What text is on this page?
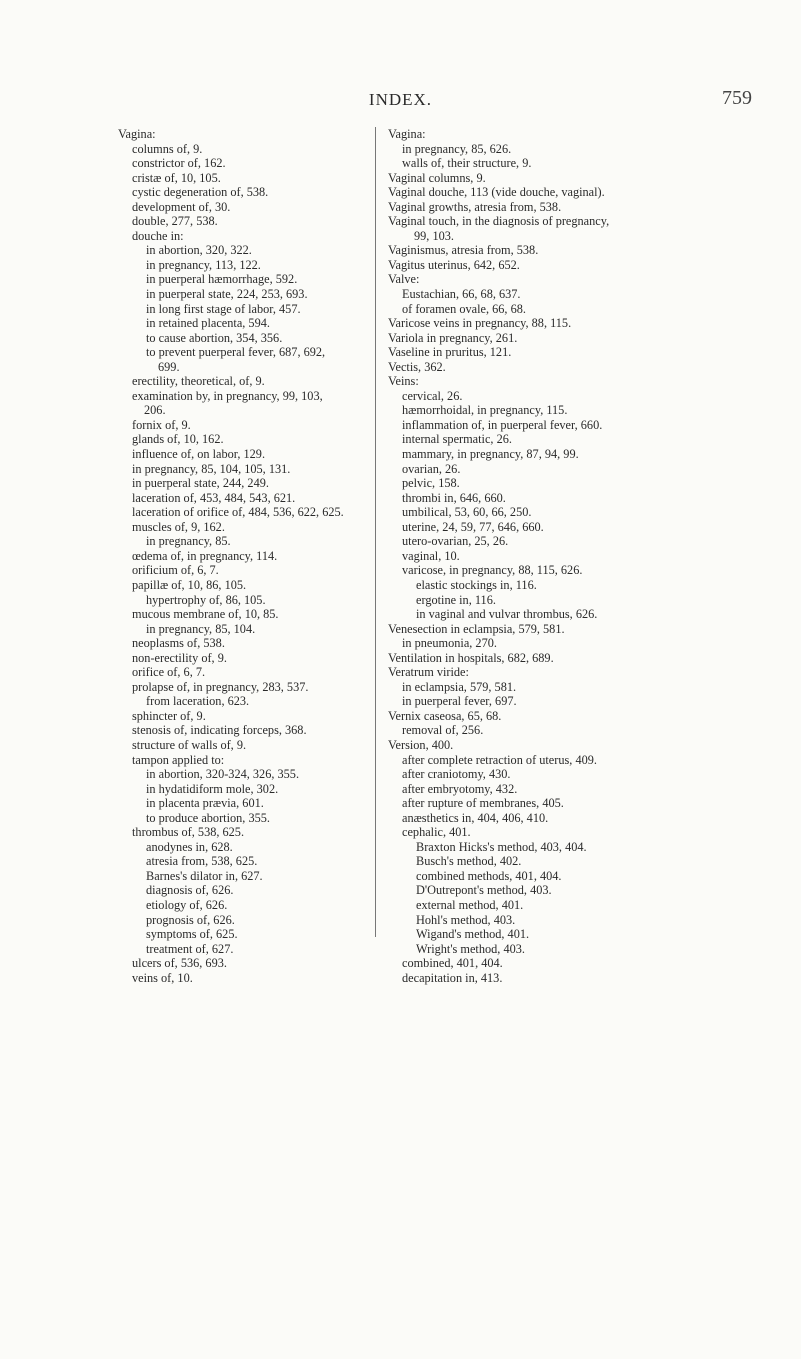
INDEX.	759
Vagina:
columns of, 9.
constrictor of, 162.
cristæ of, 10, 105.
cystic degeneration of, 538.
development of, 30.
double, 277, 538.
douche in:
in abortion, 320, 322.
in pregnancy, 113, 122.
in puerperal hæmorrhage, 592.
in puerperal state, 224, 253, 693.
in long first stage of labor, 457.
in retained placenta, 594.
to cause abortion, 354, 356.
to prevent puerperal fever, 687, 692,
699.
erectility, theoretical, of, 9.
examination by, in pregnancy, 99, 103,
206.
fornix of, 9.
glands of, 10, 162.
influence of, on labor, 129.
in pregnancy, 85, 104, 105, 131.
in puerperal state, 244, 249.
laceration of, 453, 484, 543, 621.
laceration of orifice of, 484, 536, 622, 625.
muscles of, 9, 162.
in pregnancy, 85.
œdema of, in pregnancy, 114.
orificium of, 6, 7.
papillæ of, 10, 86, 105.
hypertrophy of, 86, 105.
mucous membrane of, 10, 85.
in pregnancy, 85, 104.
neoplasms of, 538.
non-erectility of, 9.
orifice of, 6, 7.
prolapse of, in pregnancy, 283, 537.
from laceration, 623.
sphincter of, 9.
stenosis of, indicating forceps, 368.
structure of walls of, 9.
tampon applied to:
in abortion, 320-324, 326, 355.
in hydatidiform mole, 302.
in placenta prævia, 601.
to produce abortion, 355.
thrombus of, 538, 625.
anodynes in, 628.
atresia from, 538, 625.
Barnes's dilator in, 627.
diagnosis of, 626.
etiology of, 626.
prognosis of, 626.
symptoms of, 625.
treatment of, 627.
ulcers of, 536, 693.
veins of, 10.
Vagina:
in pregnancy, 85, 626.
walls of, their structure, 9.
Vaginal columns, 9.
Vaginal douche, 113 (vide douche, vaginal).
Vaginal growths, atresia from, 538.
Vaginal touch, in the diagnosis of pregnancy,
99, 103.
Vaginismus, atresia from, 538.
Vagitus uterinus, 642, 652.
Valve:
Eustachian, 66, 68, 637.
of foramen ovale, 66, 68.
Varicose veins in pregnancy, 88, 115.
Variola in pregnancy, 261.
Vaseline in pruritus, 121.
Vectis, 362.
Veins:
cervical, 26.
hæmorrhoidal, in pregnancy, 115.
inflammation of, in puerperal fever, 660.
internal spermatic, 26.
mammary, in pregnancy, 87, 94, 99.
ovarian, 26.
pelvic, 158.
thrombi in, 646, 660.
umbilical, 53, 60, 66, 250.
uterine, 24, 59, 77, 646, 660.
utero-ovarian, 25, 26.
vaginal, 10.
varicose, in pregnancy, 88, 115, 626.
elastic stockings in, 116.
ergotine in, 116.
in vaginal and vulvar thrombus, 626.
Venesection in eclampsia, 579, 581.
in pneumonia, 270.
Ventilation in hospitals, 682, 689.
Veratrum viride:
in eclampsia, 579, 581.
in puerperal fever, 697.
Vernix caseosa, 65, 68.
removal of, 256.
Version, 400.
after complete retraction of uterus, 409.
after craniotomy, 430.
after embryotomy, 432.
after rupture of membranes, 405.
anæsthetics in, 404, 406, 410.
cephalic, 401.
Braxton Hicks's method, 403, 404.
Busch's method, 402.
combined methods, 401, 404.
D'Outrepont's method, 403.
external method, 401.
Hohl's method, 403.
Wigand's method, 401.
Wright's method, 403.
combined, 401, 404.
decapitation in, 413.
